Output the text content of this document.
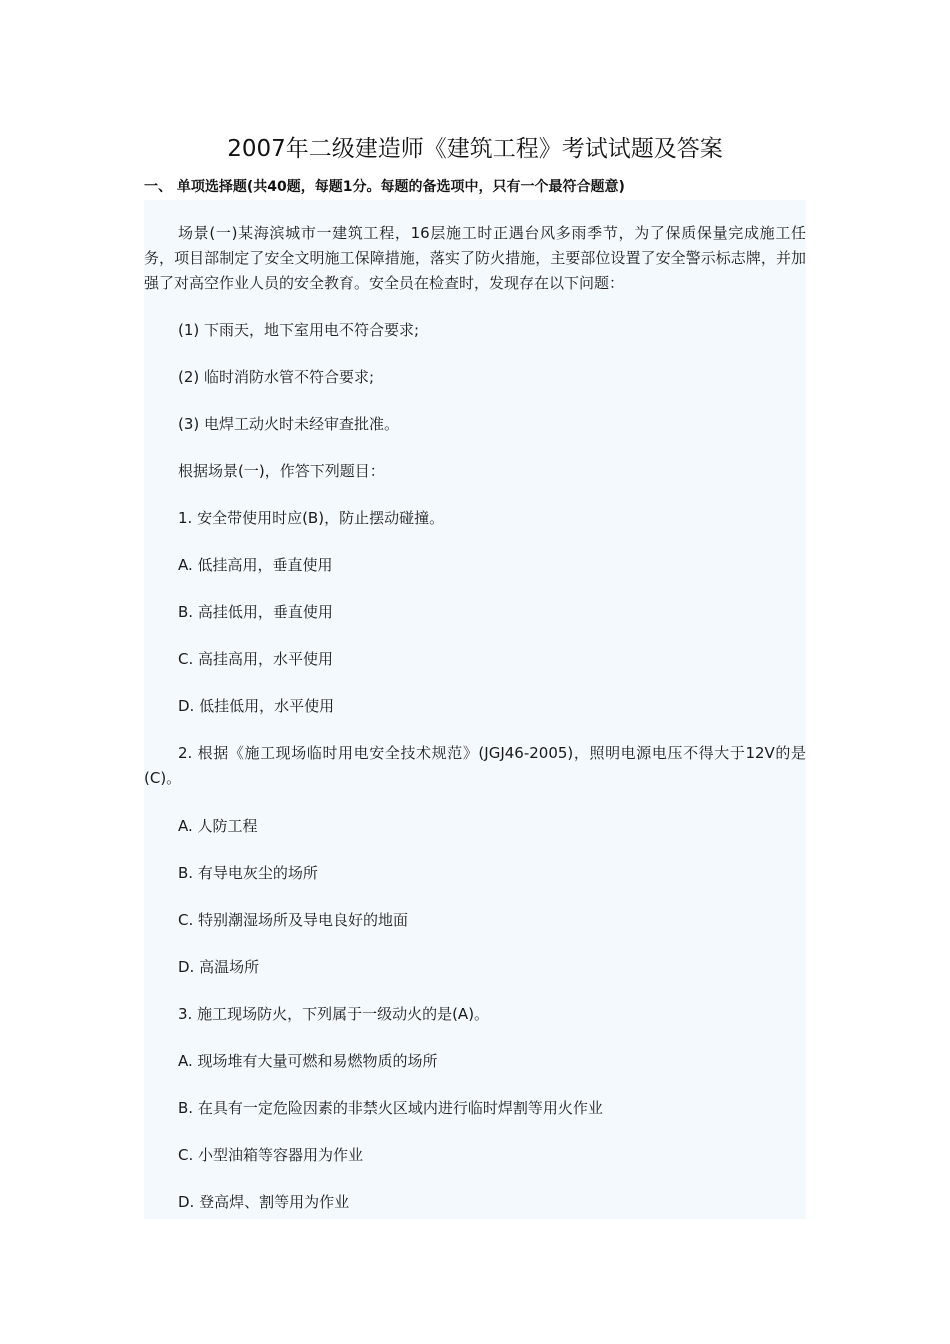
2007年二级建造师《建筑工程》考试试题及答案
一、 单项选择题(共40题，每题1分。每题的备选项中，只有一个最符合题意)

场景(一)某海滨城市一建筑工程，16层施工时正遇台风多雨季节，为了保质保量完成施工任务，项目部制定了安全文明施工保障措施，落实了防火措施，主要部位设置了安全警示标志牌，并加强了对高空作业人员的安全教育。安全员在检查时，发现存在以下问题：

(1) 下雨天，地下室用电不符合要求;

(2) 临时消防水管不符合要求;

(3) 电焊工动火时未经审查批准。

根据场景(一)，作答下列题目：

1. 安全带使用时应(B)，防止摆动碰撞。

A. 低挂高用，垂直使用

B. 高挂低用，垂直使用

C. 高挂高用，水平使用

D. 低挂低用，水平使用

2. 根据《施工现场临时用电安全技术规范》(JGJ46-2005)，照明电源电压不得大于12V的是(C)。

A. 人防工程

B. 有导电灰尘的场所

C. 特别潮湿场所及导电良好的地面

D. 高温场所

3. 施工现场防火，下列属于一级动火的是(A)。

A. 现场堆有大量可燃和易燃物质的场所

B. 在具有一定危险因素的非禁火区域内进行临时焊割等用火作业

C. 小型油箱等容器用为作业

D. 登高焊、割等用为作业
